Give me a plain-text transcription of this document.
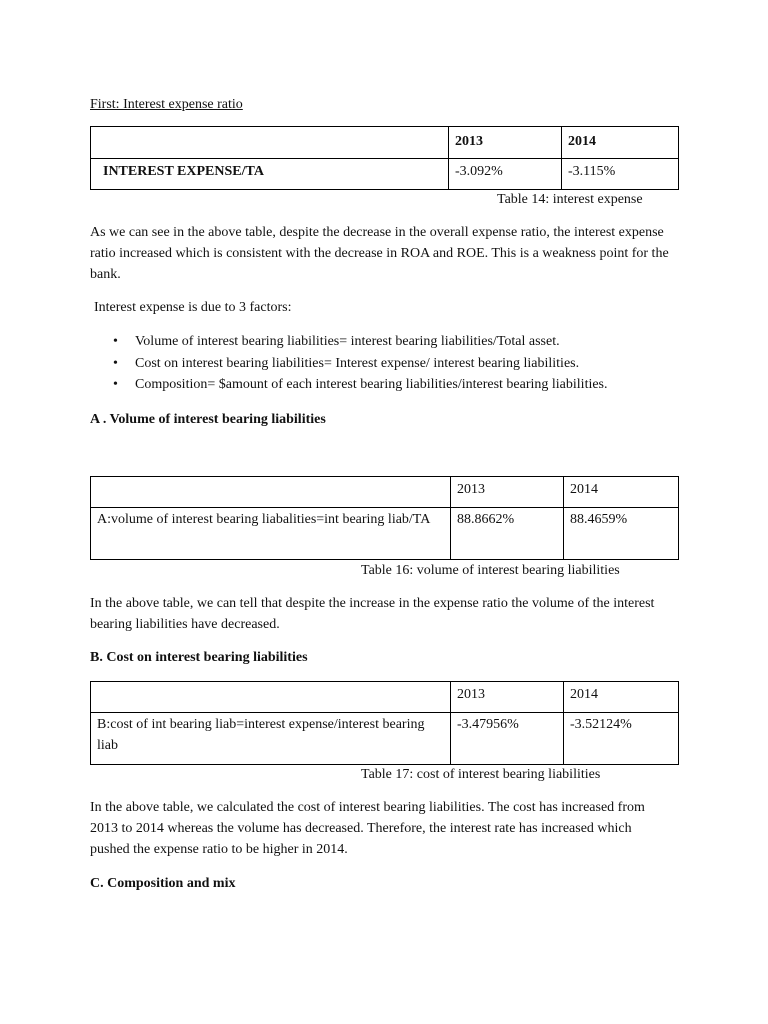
First: Interest expense ratio
	2013	2014
INTEREST EXPENSE/TA	-3.092%	-3.115%
Table 14: interest expense
As we can see in the above table, despite the decrease in the overall expense ratio, the interest expense ratio increased which is consistent with the decrease in ROA and ROE. This is a weakness point for the bank.
Interest expense is due to 3 factors:
• Volume of interest bearing liabilities= interest bearing liabilities/Total asset.
• Cost on interest bearing liabilities= Interest expense/ interest bearing liabilities.
• Composition= $amount of each interest bearing liabilities/interest bearing liabilities.
A . Volume of interest bearing liabilities
	2013	2014
A:volume of interest bearing liabalities=int bearing liab/TA	88.8662%	88.4659%
Table 16: volume of interest bearing liabilities
In the above table, we can tell that despite the increase in the expense ratio the volume of the interest bearing liabilities have decreased.
B. Cost on interest bearing liabilities
	2013	2014
B:cost of int bearing liab=interest expense/interest bearing liab	-3.47956%	-3.52124%
Table 17: cost of interest bearing liabilities
In the above table, we calculated the cost of interest bearing liabilities. The cost has increased from 2013 to 2014 whereas the volume has decreased. Therefore, the interest rate has increased which pushed the expense ratio to be higher in 2014.
C. Composition and mix
